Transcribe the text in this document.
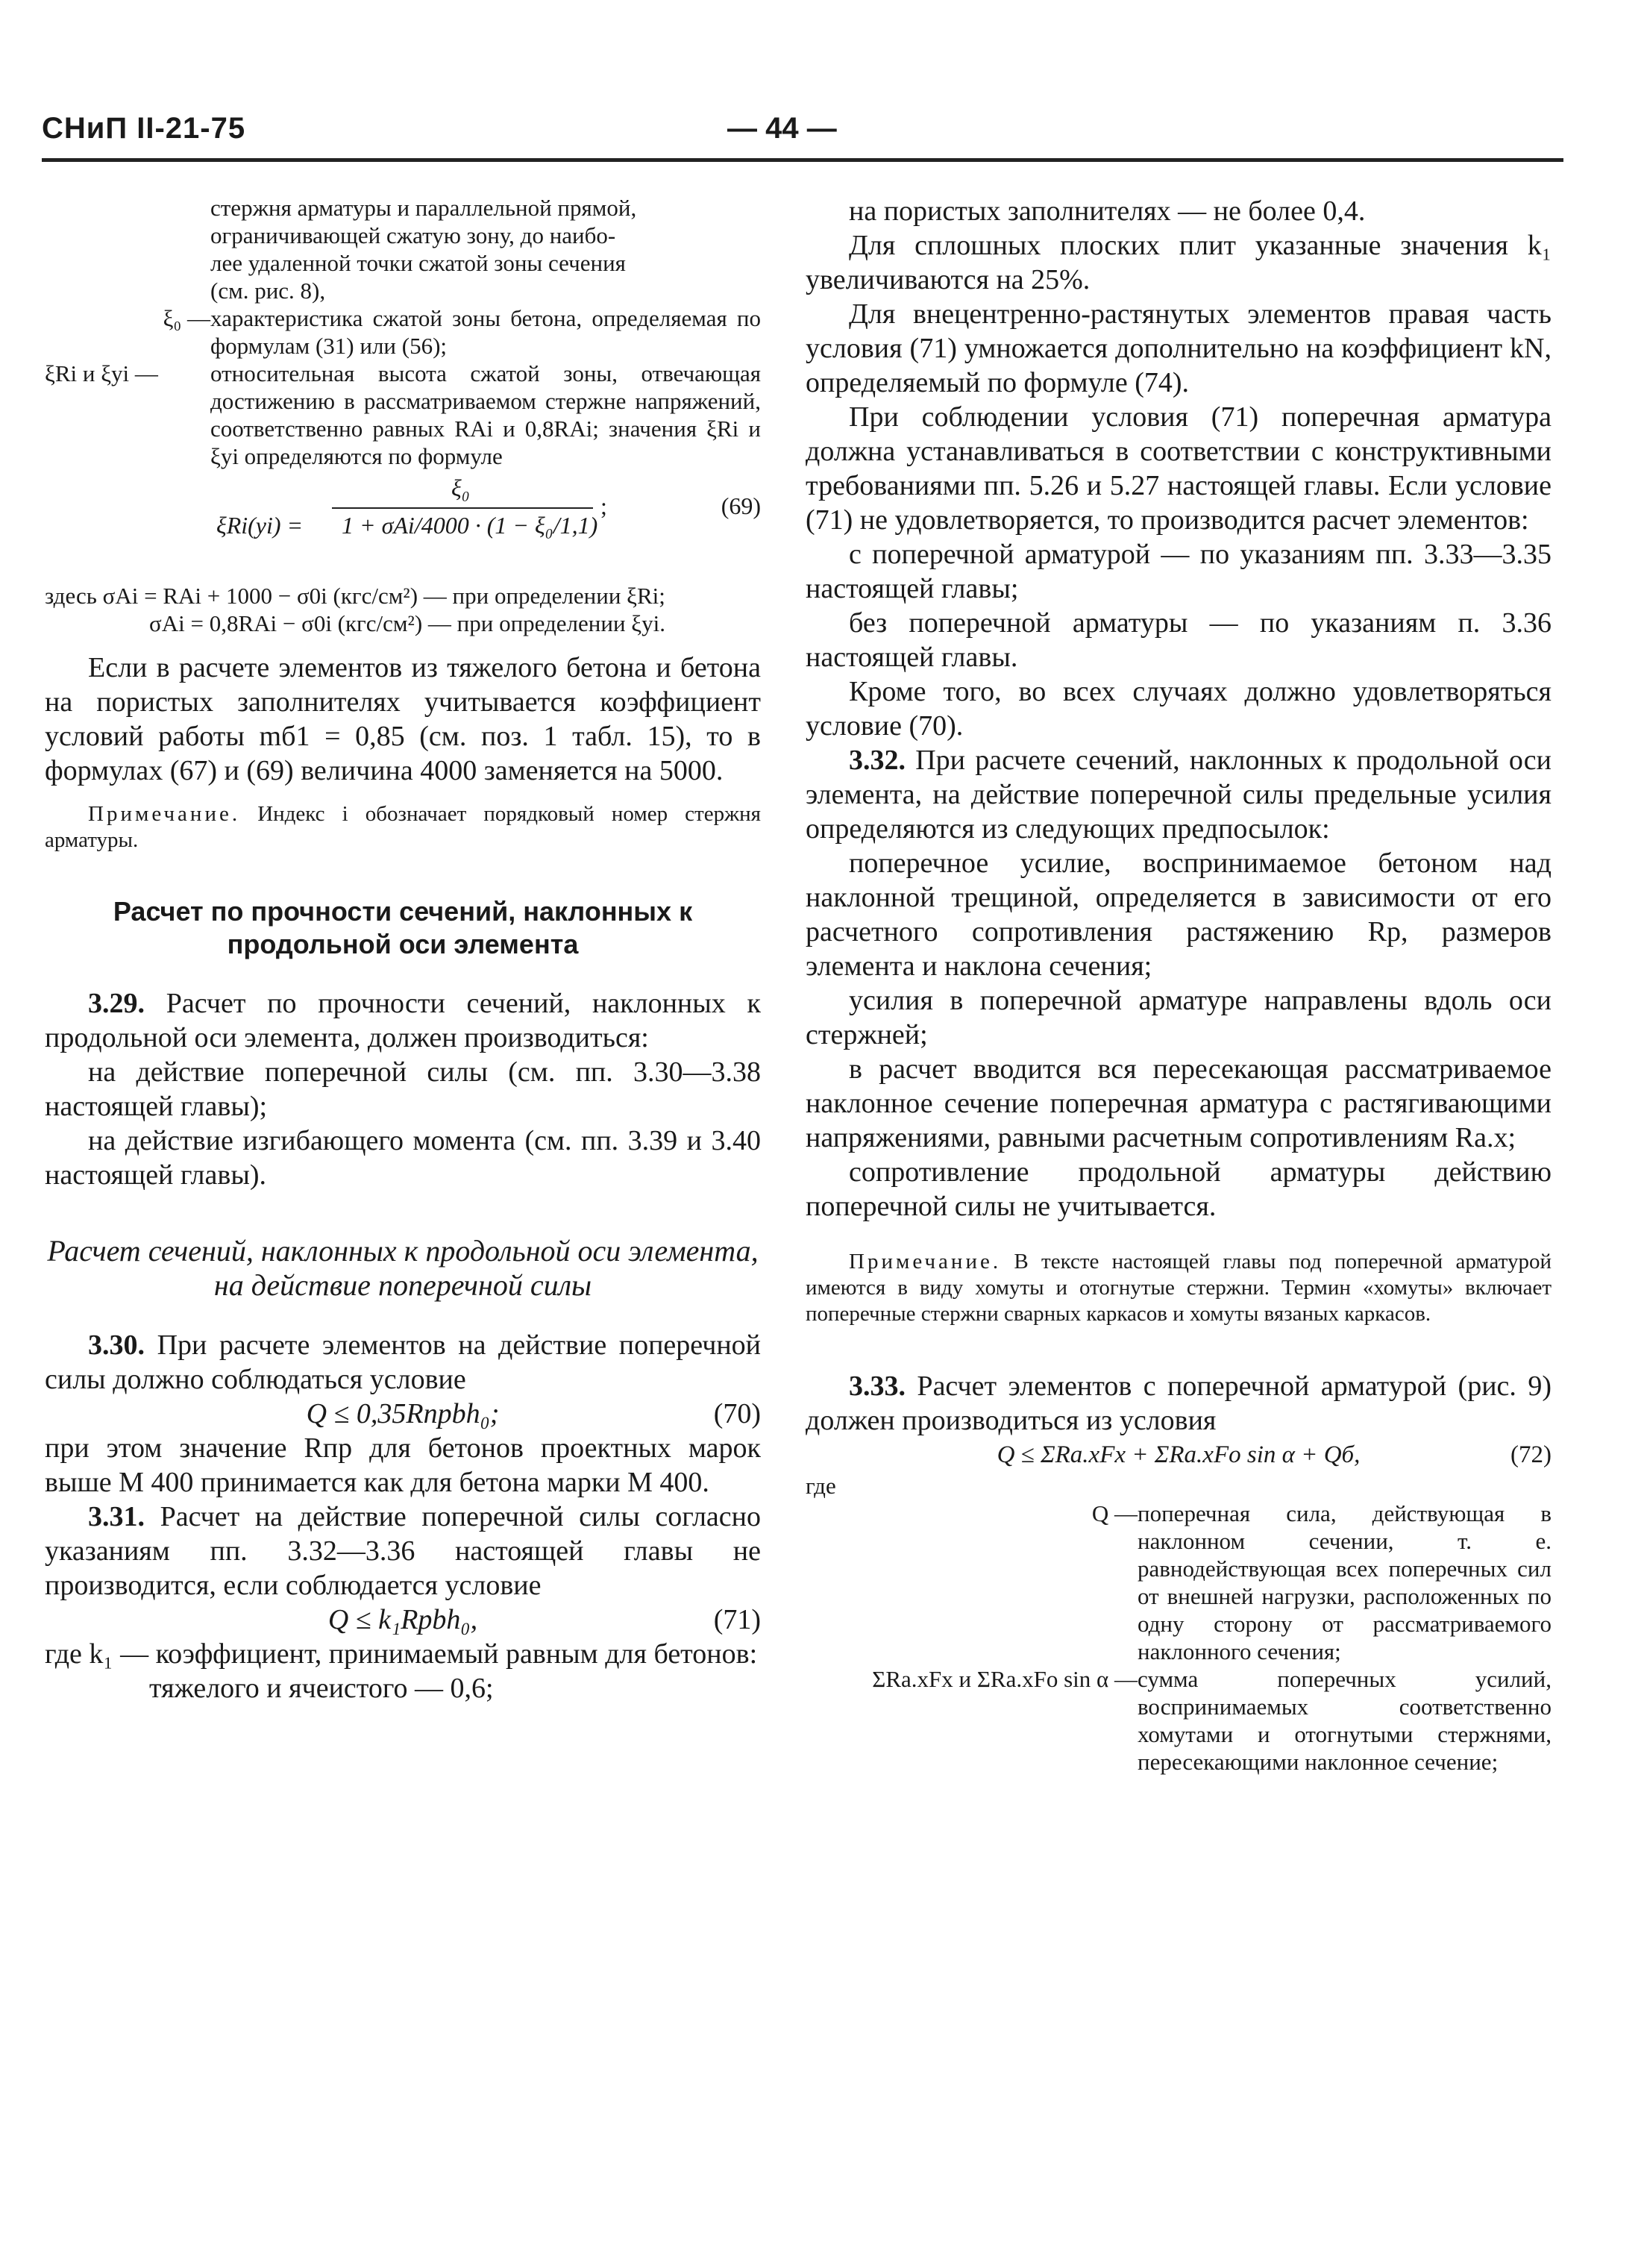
СНиП II-21-75	— 44 —

стержня арматуры и параллельной прямой,

ограничивающей сжатую зону, до наибо-

лее удаленной точки сжатой зоны сечения

(см. рис. 8),

ξ₀ — характеристика сжатой зоны бетона, определяемая по формулам (31) или (56);
ξRi и ξyi —	относительная высота сжатой зоны, отвечающая достижению в рассматриваемом стержне напряжений, соответственно равных RAi и 0,8RAi; значения ξRi и ξyi определяются по формуле
ξRi(yi) =
ξ₀
1 + σAi/4000 · (1 − ξ₀/1,1)
;	(69)

здесь σAi = RAi + 1000 − σ0i (кгс/см²) — при определении ξRi;

σAi = 0,8RAi − σ0i (кгс/см²) — при определении ξyi.

Если в расчете элементов из тяжелого бетона и бетона на пористых заполнителях учитывается коэффициент условий работы mб1 = 0,85 (см. поз. 1 табл. 15), то в формулах (67) и (69) величина 4000 заменяется на 5000.

Примечание. Индекс i обозначает порядковый номер стержня арматуры.

Расчет по прочности сечений, наклонных к продольной оси элемента

3.29. Расчет по прочности сечений, наклонных к продольной оси элемента, должен производиться:

на действие поперечной силы (см. пп. 3.30—3.38 настоящей главы);

на действие изгибающего момента (см. пп. 3.39 и 3.40 настоящей главы).

Расчет сечений, наклонных к продольной оси элемента, на действие поперечной силы

3.30. При расчете элементов на действие поперечной силы должно соблюдаться условие

Q ≤ 0,35Rпрbh₀;	(70)

при этом значение Rпр для бетонов проектных марок выше М 400 принимается как для бетона марки М 400.

3.31. Расчет на действие поперечной силы согласно указаниям пп. 3.32—3.36 настоящей главы не производится, если соблюдается условие

Q ≤ k₁Rрbh₀,	(71)

где k₁ — коэффициент, принимаемый равным для бетонов:

тяжелого и ячеистого — 0,6;

на пористых заполнителях — не более 0,4.

Для сплошных плоских плит указанные значения k₁ увеличиваются на 25%.

Для внецентренно-растянутых элементов правая часть условия (71) умножается дополнительно на коэффициент kN, определяемый по формуле (74).

При соблюдении условия (71) поперечная арматура должна устанавливаться в соответствии с конструктивными требованиями пп. 5.26 и 5.27 настоящей главы. Если условие (71) не удовлетворяется, то производится расчет элементов:

с поперечной арматурой — по указаниям пп. 3.33—3.35 настоящей главы;

без поперечной арматуры — по указаниям п. 3.36 настоящей главы.

Кроме того, во всех случаях должно удовлетворяться условие (70).

3.32. При расчете сечений, наклонных к продольной оси элемента, на действие поперечной силы предельные усилия определяются из следующих предпосылок:

поперечное усилие, воспринимаемое бетоном над наклонной трещиной, определяется в зависимости от его расчетного сопротивления растяжению Rр, размеров элемента и наклона сечения;

усилия в поперечной арматуре направлены вдоль оси стержней;

в расчет вводится вся пересекающая рассматриваемое наклонное сечение поперечная арматура с растягивающими напряжениями, равными расчетным сопротивлениям Rа.х;

сопротивление продольной арматуры действию поперечной силы не учитывается.

Примечание. В тексте настоящей главы под поперечной арматурой имеются в виду хомуты и отогнутые стержни. Термин «хомуты» включает поперечные стержни сварных каркасов и хомуты вязаных каркасов.

3.33. Расчет элементов с поперечной арматурой (рис. 9) должен производиться из условия

Q ≤ ΣRа.хFх + ΣRа.хFо sin α + Qб,	(72)

где

Q — поперечная сила, действующая в наклонном сечении, т. е. равнодействующая всех поперечных сил от внешней нагрузки, расположенных по одну сторону от рассматриваемого наклонного сечения;
ΣRа.хFх и ΣRа.хFо sin α — сумма поперечных усилий, воспринимаемых соответственно хомутами и отогнутыми стержнями, пересекающими наклонное сечение;
